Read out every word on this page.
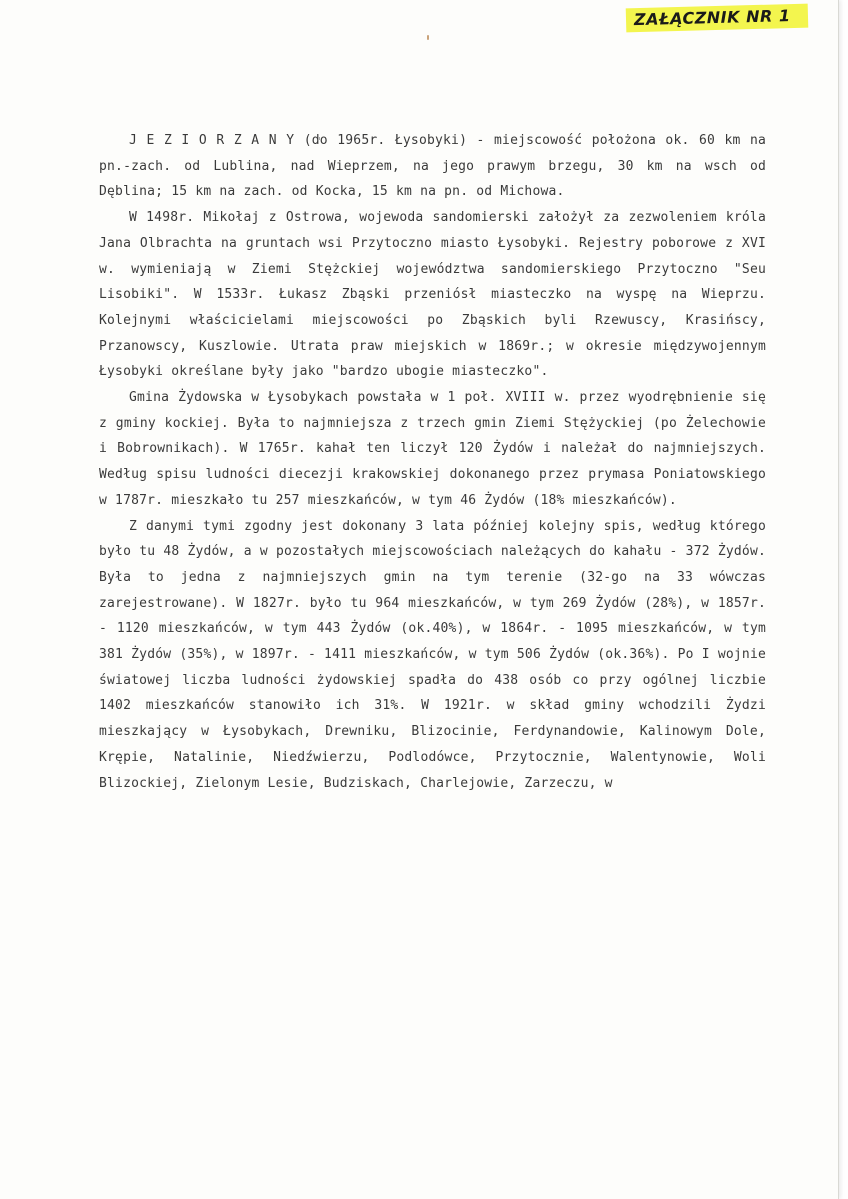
ZAŁĄCZNIK NR 1

J E Z I O R Z A N Y (do 1965r. Łysobyki) - miejscowość położona ok. 60 km na pn.-zach. od Lublina, nad Wieprzem, na jego prawym brzegu, 30 km na wsch od Dęblina; 15 km na zach. od Kocka, 15 km na pn. od Michowa.

W 1498r. Mikołaj z Ostrowa, wojewoda sandomierski założył za zezwoleniem króla Jana Olbrachta na gruntach wsi Przytoczno miasto Łysobyki. Rejestry poborowe z XVI w. wymieniają w Ziemi Stężckiej województwa sandomierskiego Przytoczno "Seu Lisobiki". W 1533r. Łukasz Zbąski przeniósł miasteczko na wyspę na Wieprzu. Kolejnymi właścicielami miejscowości po Zbąskich byli Rzewuscy, Krasińscy, Przanowscy, Kuszlowie. Utrata praw miejskich w 1869r.; w okresie międzywojennym Łysobyki określane były jako "bardzo ubogie miasteczko".

Gmina Żydowska w Łysobykach powstała w 1 poł. XVIII w. przez wyodrębnienie się z gminy kockiej. Była to najmniejsza z trzech gmin Ziemi Stężyckiej (po Żelechowie i Bobrownikach). W 1765r. kahał ten liczył 120 Żydów i należał do najmniejszych. Według spisu ludności diecezji krakowskiej dokonanego przez prymasa Poniatowskiego w 1787r. mieszkało tu 257 mieszkańców, w tym 46 Żydów (18% mieszkańców).

Z danymi tymi zgodny jest dokonany 3 lata później kolejny spis, według którego było tu 48 Żydów, a w pozostałych miejscowościach należących do kahału - 372 Żydów. Była to jedna z najmniejszych gmin na tym terenie (32-go na 33 wówczas zarejestrowane). W 1827r. było tu 964 mieszkańców, w tym 269 Żydów (28%), w 1857r. - 1120 mieszkańców, w tym 443 Żydów (ok.40%), w 1864r. - 1095 mieszkańców, w tym 381 Żydów (35%), w 1897r. - 1411 mieszkańców, w tym 506 Żydów (ok.36%). Po I wojnie światowej liczba ludności żydowskiej spadła do 438 osób co przy ogólnej liczbie 1402 mieszkańców stanowiło ich 31%. W 1921r. w skład gminy wchodzili Żydzi mieszkający w Łysobykach, Drewniku, Blizocinie, Ferdynandowie, Kalinowym Dole, Krępie, Natalinie, Niedźwierzu, Podlodówce, Przytocznie, Walentynowie, Woli Blizockiej, Zielonym Lesie, Budziskach, Charlejowie, Zarzeczu, w
